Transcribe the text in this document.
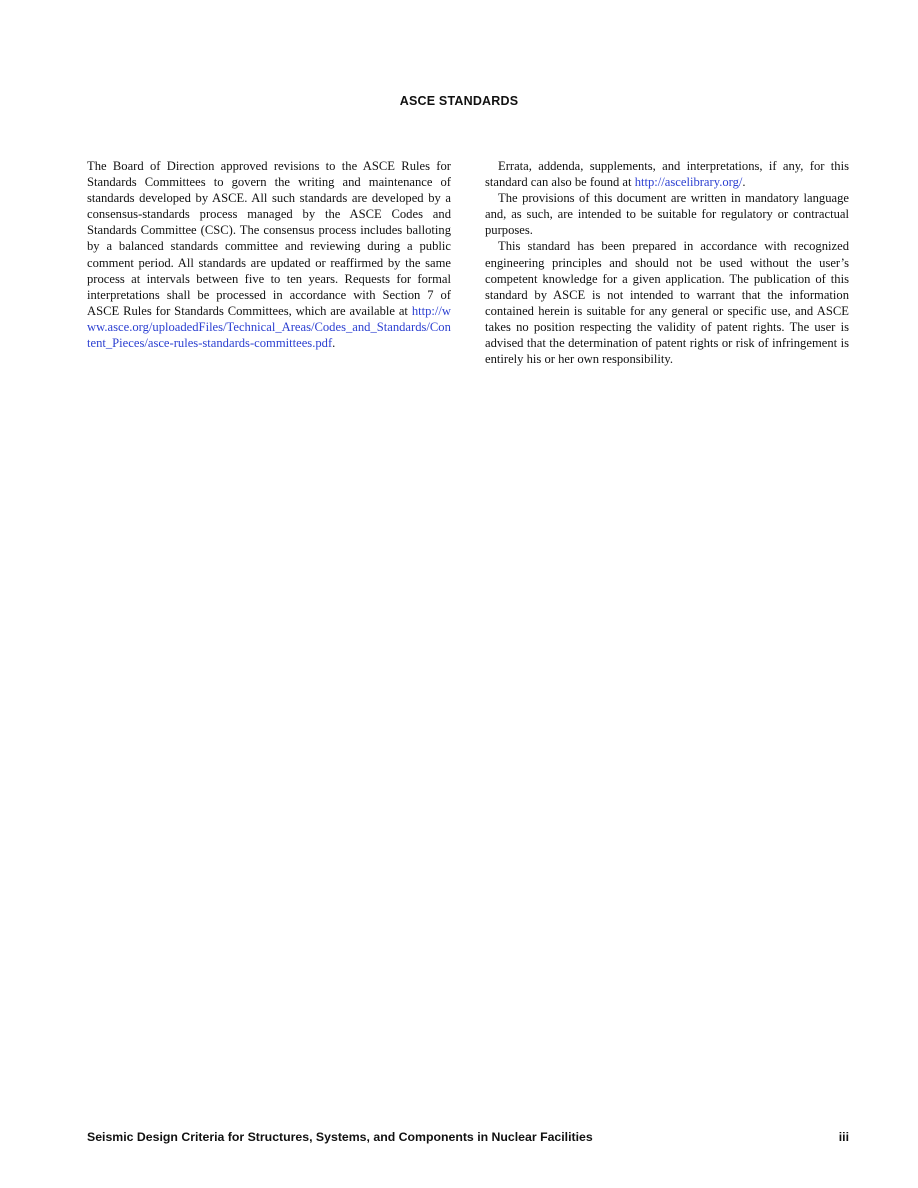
ASCE STANDARDS

The Board of Direction approved revisions to the ASCE Rules for Standards Committees to govern the writing and maintenance of standards developed by ASCE. All such standards are developed by a consensus-standards process managed by the ASCE Codes and Standards Committee (CSC). The consensus process includes balloting by a balanced standards committee and reviewing during a public comment period. All standards are updated or reaffirmed by the same process at intervals between five to ten years. Requests for formal interpretations shall be processed in accordance with Section 7 of ASCE Rules for Standards Committees, which are available at http://www.asce.org/uploadedFiles/Technical_Areas/Codes_and_Standards/Content_Pieces/asce-rules-standards-committees.pdf.

Errata, addenda, supplements, and interpretations, if any, for this standard can also be found at http://ascelibrary.org/.

The provisions of this document are written in mandatory language and, as such, are intended to be suitable for regulatory or contractual purposes.

This standard has been prepared in accordance with recognized engineering principles and should not be used without the user’s competent knowledge for a given application. The publication of this standard by ASCE is not intended to warrant that the information contained herein is suitable for any general or specific use, and ASCE takes no position respecting the validity of patent rights. The user is advised that the determination of patent rights or risk of infringement is entirely his or her own responsibility.

Seismic Design Criteria for Structures, Systems, and Components in Nuclear Facilities	iii
